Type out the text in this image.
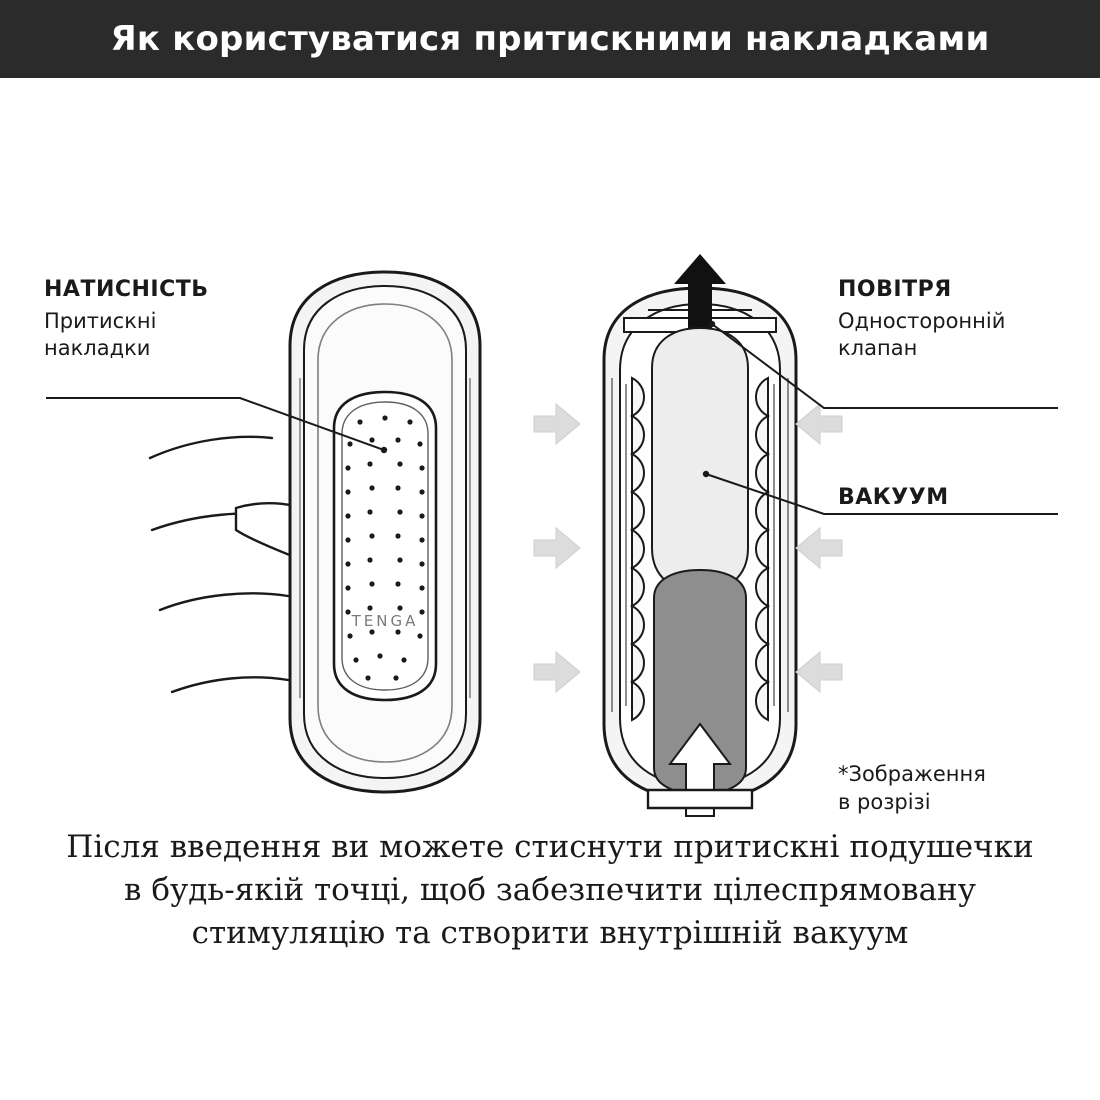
Як користуватися притискними накладками
TENGA
НАТИСНІСТЬ
Притискні
накладки
ПОВІТРЯ
Односторонній
клапан
ВАКУУМ
*Зображення
в розрізі
Після введення ви можете стиснути притискні подушечки в будь-якій точці, щоб забезпечити цілеспрямовану стимуляцію та створити внутрішній вакуум
